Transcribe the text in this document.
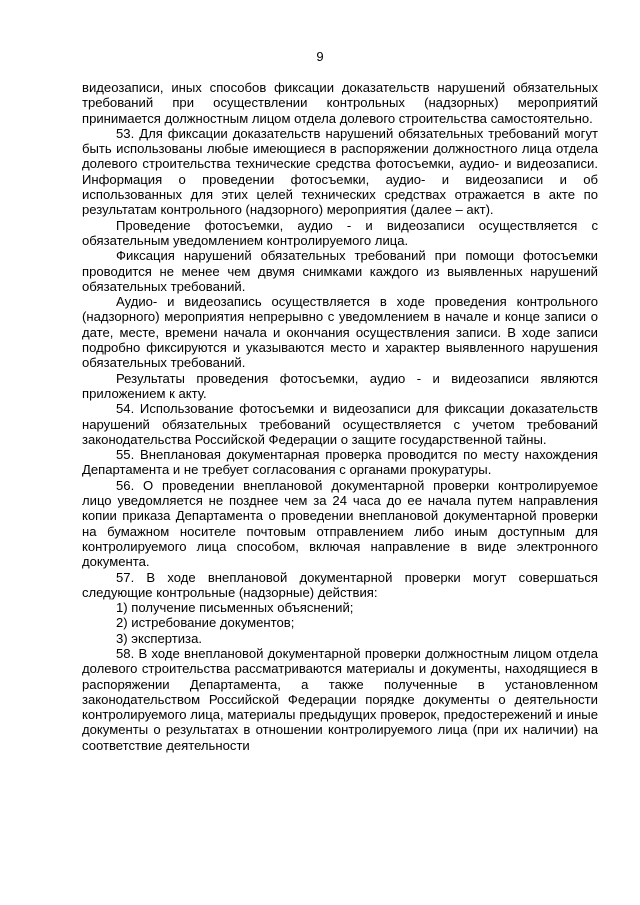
9

видеозаписи, иных способов фиксации доказательств нарушений обязательных требований при осуществлении контрольных (надзорных) мероприятий принимается должностным лицом отдела долевого строительства самостоятельно.

53. Для фиксации доказательств нарушений обязательных требований могут быть использованы любые имеющиеся в распоряжении должностного лица отдела долевого строительства технические средства фотосъемки, аудио- и видеозаписи. Информация о проведении фотосъемки, аудио- и видеозаписи и об использованных для этих целей технических средствах отражается в акте по результатам контрольного (надзорного) мероприятия (далее – акт).

Проведение фотосъемки, аудио - и видеозаписи осуществляется с обязательным уведомлением контролируемого лица.

Фиксация нарушений обязательных требований при помощи фотосъемки проводится не менее чем двумя снимками каждого из выявленных нарушений обязательных требований.

Аудио- и видеозапись осуществляется в ходе проведения контрольного (надзорного) мероприятия непрерывно с уведомлением в начале и конце записи о дате, месте, времени начала и окончания осуществления записи. В ходе записи подробно фиксируются и указываются место и характер выявленного нарушения обязательных требований.

Результаты проведения фотосъемки, аудио - и видеозаписи являются приложением к акту.

54. Использование фотосъемки и видеозаписи для фиксации доказательств нарушений обязательных требований осуществляется с учетом требований законодательства Российской Федерации о защите государственной тайны.

55. Внеплановая документарная проверка проводится по месту нахождения Департамента и не требует согласования с органами прокуратуры.

56. О проведении внеплановой документарной проверки контролируемое лицо уведомляется не позднее чем за 24 часа до ее начала путем направления копии приказа Департамента о проведении внеплановой документарной проверки на бумажном носителе почтовым отправлением либо иным доступным для контролируемого лица способом, включая направление в виде электронного документа.

57. В ходе внеплановой документарной проверки могут совершаться следующие контрольные (надзорные) действия:

1) получение письменных объяснений;

2) истребование документов;

3) экспертиза.

58. В ходе внеплановой документарной проверки должностным лицом отдела долевого строительства рассматриваются материалы и документы, находящиеся в распоряжении Департамента, а также полученные в установленном законодательством Российской Федерации порядке документы о деятельности контролируемого лица, материалы предыдущих проверок, предостережений и иные документы о результатах в отношении контролируемого лица (при их наличии) на соответствие деятельности
